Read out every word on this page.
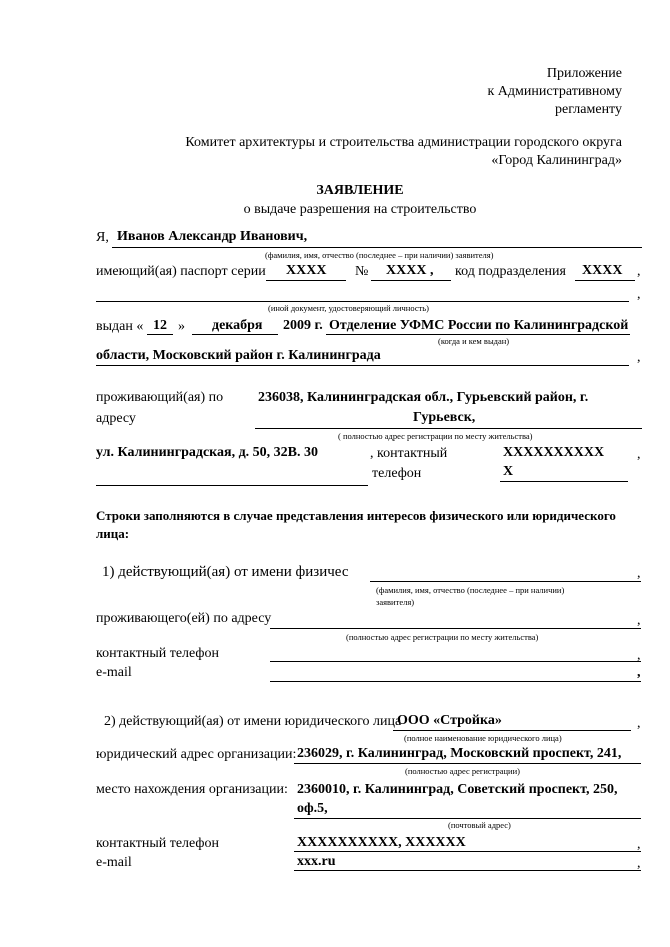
Приложение
к Административному
регламенту
Комитет архитектуры и строительства администрации городского округа
«Город Калининград»
ЗАЯВЛЕНИЕ
о выдаче разрешения на строительство
Я, Иванов Александр Иванович,
(фамилия, имя, отчество (последнее – при наличии) заявителя)
имеющий(ая) паспорт серии XXXX № XXXX , код подразделения XXXX ,
,
(иной документ, удостоверяющий личность)
выдан « 12 » декабря 2009 г. Отделение УФМС России по Калининградской
(когда и кем выдан)
области, Московский район г. Калининграда	,
проживающий(ая) по
адресу
236038, Калининградская обл., Гурьевский район, г.
Гурьевск,
( полностью адрес регистрации по месту жительства)
ул. Калининградская, д. 50, 32В. 30	, контактный
телефон
XXXXXXXXXX
X
,
Строки заполняются в случае представления интересов физического или юридического
лица:
1) действующий(ая) от имени физичес	,
(фамилия, имя, отчество (последнее – при наличии)
заявителя)
проживающего(ей) по адресу	,
(полностью адрес регистрации по месту жительства)
контактный телефон	,
e-mail	,
2) действующий(ая) от имени юридического лица
ООО «Стройка»	,
(полное наименование юридического лица)
юридический адрес организации: 236029, г. Калининград, Московский проспект, 241,
(полностью адрес регистрации)
место нахождения организации: 2360010, г. Калининград, Советский проспект, 250,
оф.5,
(почтовый адрес)
контактный телефон	XXXXXXXXXX, XXXXXX	,
e-mail	xxx.ru	,
